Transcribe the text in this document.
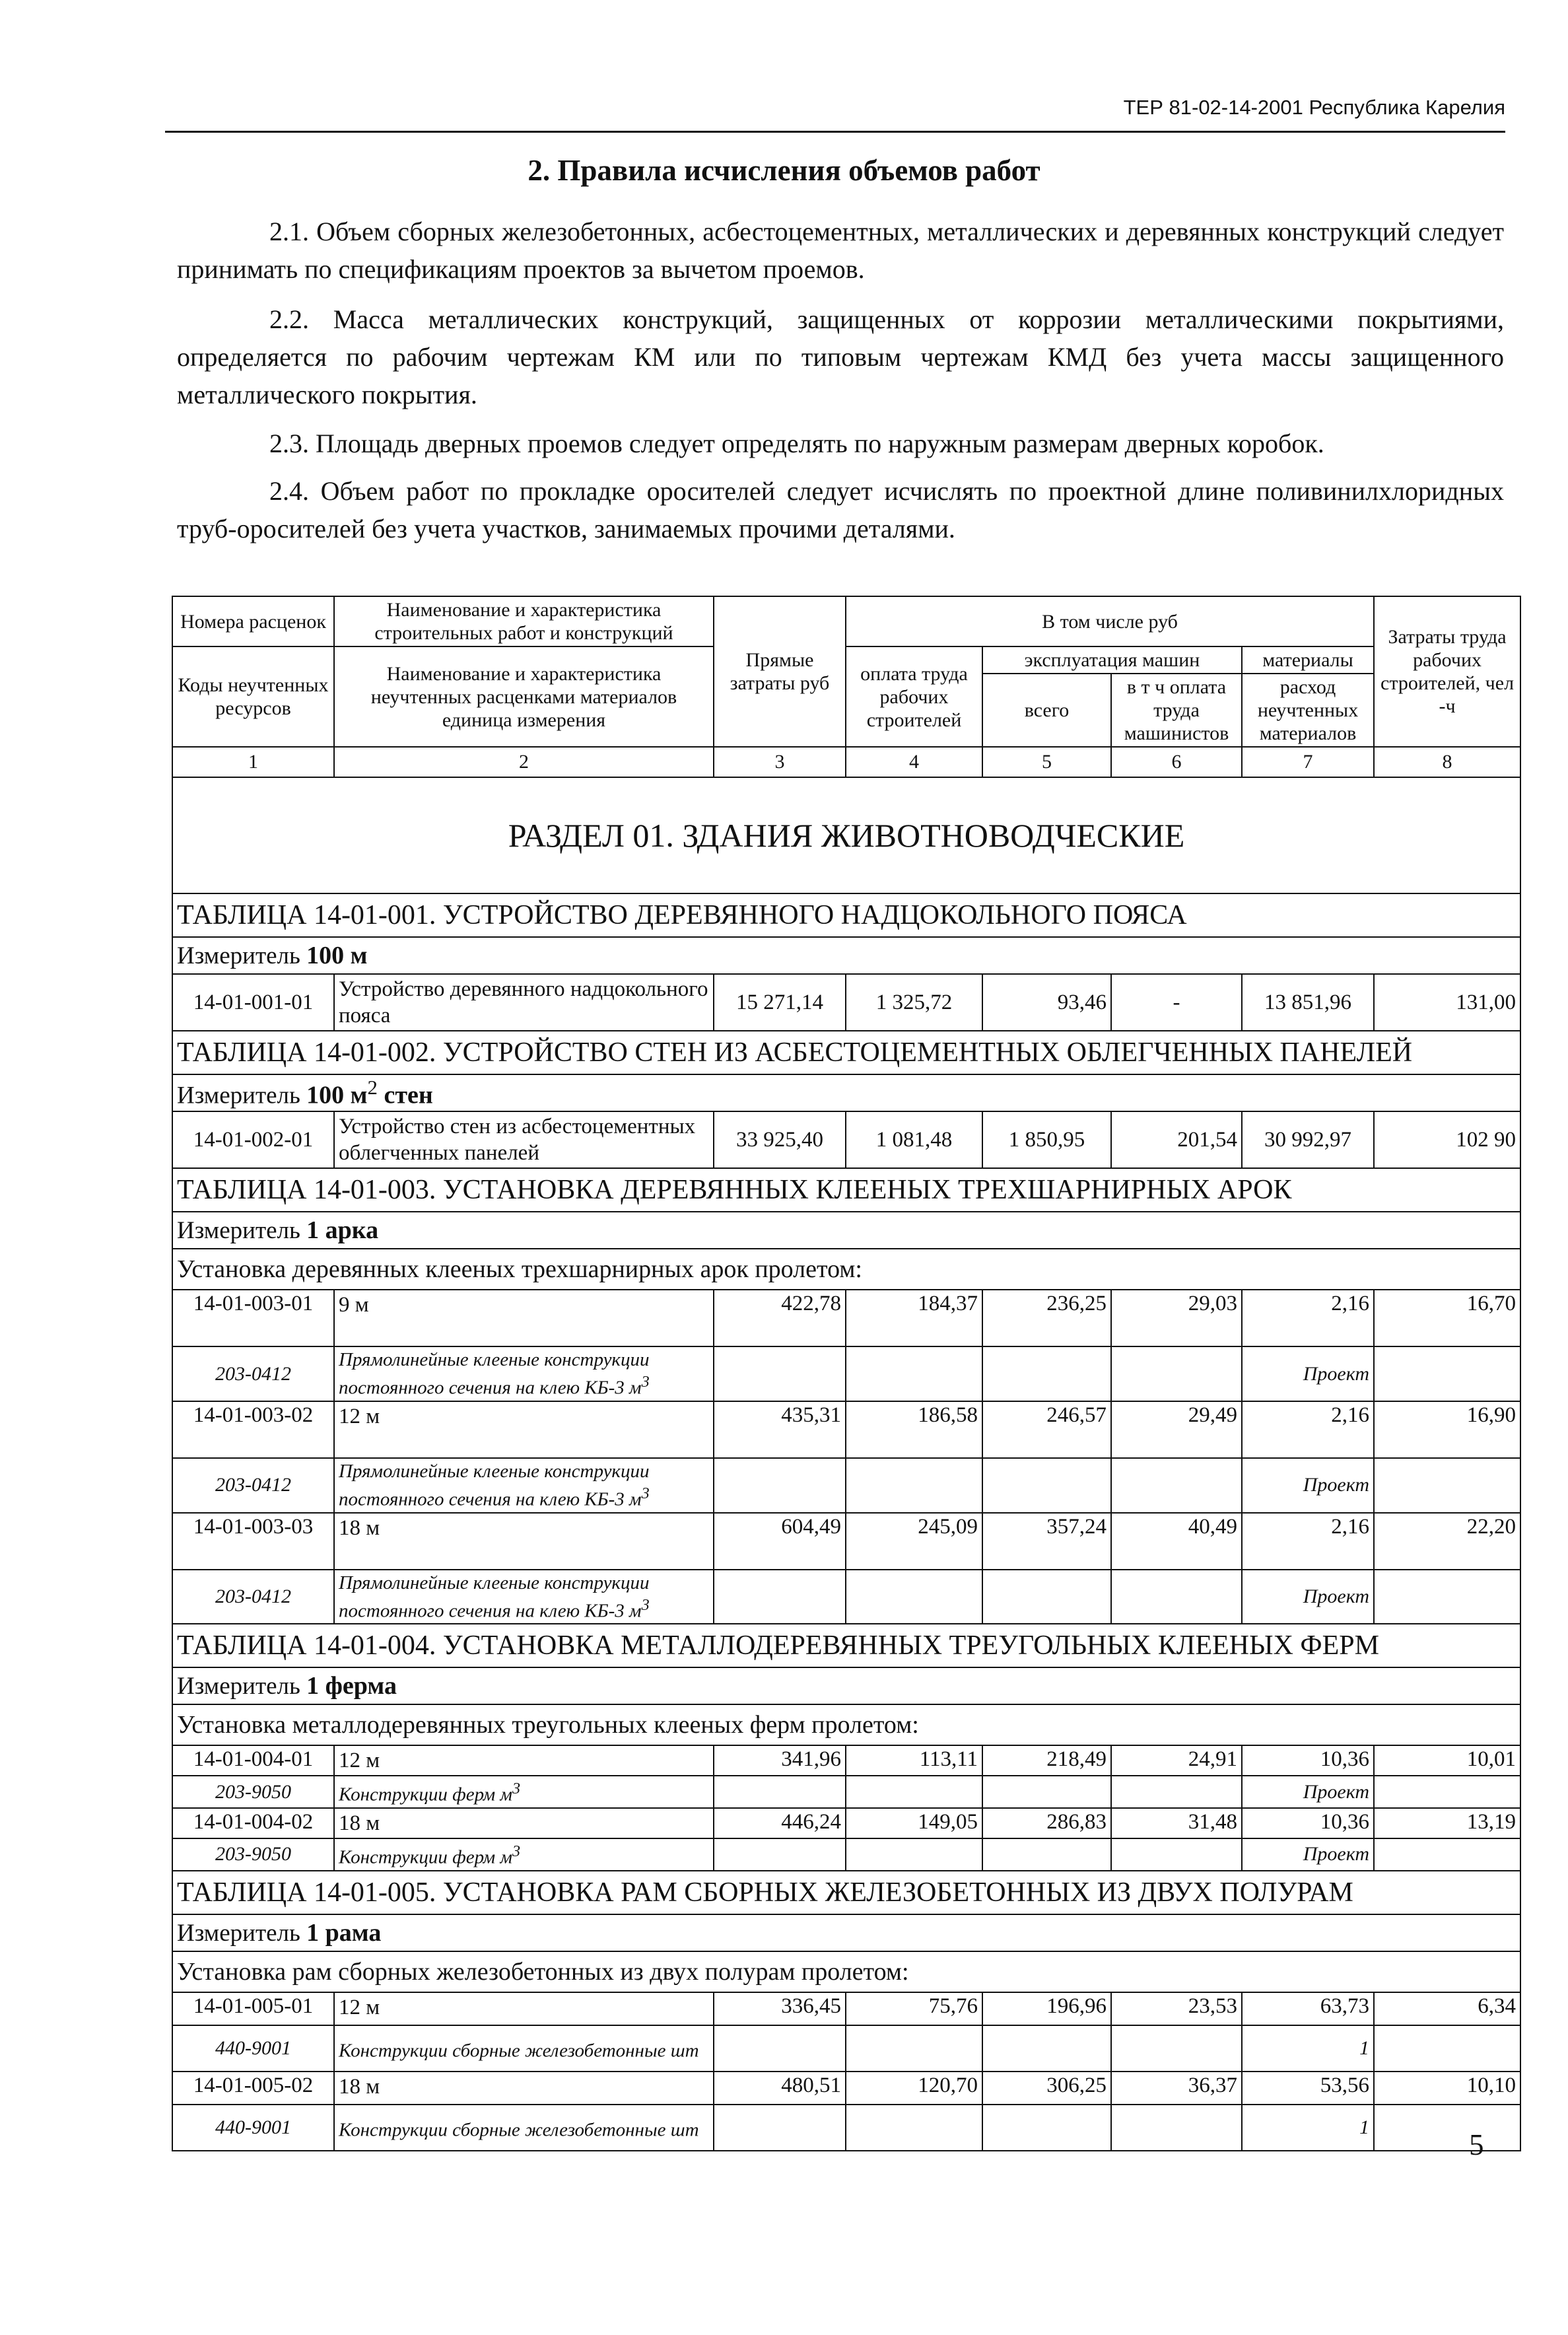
ТЕР 81-02-14-2001 Республика Карелия
2. Правила исчисления объемов работ
2.1. Объем сборных железобетонных, асбестоцементных, металлических и деревянных конструкций следует принимать по спецификациям проектов за вычетом проемов.
2.2. Масса металлических конструкций, защищенных от коррозии металлическими покрытиями, определяется по рабочим чертежам КМ или по типовым чертежам КМД без учета массы защищенного металлического покрытия.
2.3. Площадь дверных проемов следует определять по наружным размерам дверных коробок.
2.4. Объем работ по прокладке оросителей следует исчислять по проектной длине поливинилхлоридных труб-оросителей без учета участков, занимаемых прочими деталями.
Номера расценок	Наименование и характеристика строительных работ и конструкций	Прямые затраты руб	В том числе руб				Затраты труда рабочих строителей, чел -ч
Коды неучтенных ресурсов	Наименование и характеристика неучтенных расценками материалов единица измерения		оплата труда рабочих строителей	эксплуатация машин		материалы	
				всего	в т ч оплата труда машинистов	расход неучтенных материалов	
1	2	3	4	5	6	7	8
РАЗДЕЛ 01. ЗДАНИЯ ЖИВОТНОВОДЧЕСКИЕ							
ТАБЛИЦА 14-01-001. УСТРОЙСТВО ДЕРЕВЯННОГО НАДЦОКОЛЬНОГО ПОЯСА							
Измеритель 100 м							
14-01-001-01	Устройство деревянного надцокольного пояса	15 271,14	1 325,72	93,46	-	13 851,96	131,00
ТАБЛИЦА 14-01-002. УСТРОЙСТВО СТЕН ИЗ АСБЕСТОЦЕМЕНТНЫХ ОБЛЕГЧЕННЫХ ПАНЕЛЕЙ							
Измеритель 100 $м^2$ стен							
14-01-002-01	Устройство стен из асбестоцементных облегченных панелей	33 925,40	1 081,48	1 850,95	201,54	30 992,97	102 90
ТАБЛИЦА 14-01-003. УСТАНОВКА ДЕРЕВЯННЫХ КЛЕЕНЫХ ТРЕХШАРНИРНЫХ АРОК							
Измеритель 1 арка							
Установка деревянных клееных трехшарнирных арок пролетом:							
14-01-003-01	9 м	422,78	184,37	236,25	29,03	2,16	16,70
203-0412	Прямолинейные клееные конструкции постоянного сечения на клею КБ-3 $м^3$					Проект	
14-01-003-02	12 м	435,31	186,58	246,57	29,49	2,16	16,90
203-0412	Прямолинейные клееные конструкции постоянного сечения на клею КБ-3 $м^3$					Проект	
14-01-003-03	18 м	604,49	245,09	357,24	40,49	2,16	22,20
203-0412	Прямолинейные клееные конструкции постоянного сечения на клею КБ-3 $м^3$					Проект	
ТАБЛИЦА 14-01-004. УСТАНОВКА МЕТАЛЛОДЕРЕВЯННЫХ ТРЕУГОЛЬНЫХ КЛЕЕНЫХ ФЕРМ							
Измеритель 1 ферма							
Установка металлодеревянных треугольных клееных ферм пролетом:							
14-01-004-01	12 м	341,96	113,11	218,49	24,91	10,36	10,01
203-9050	Конструкции ферм $м^3$					Проект	
14-01-004-02	18 м	446,24	149,05	286,83	31,48	10,36	13,19
203-9050	Конструкции ферм $м^3$					Проект	
ТАБЛИЦА 14-01-005. УСТАНОВКА РАМ СБОРНЫХ ЖЕЛЕЗОБЕТОННЫХ ИЗ ДВУХ ПОЛУРАМ							
Измеритель 1 рама							
Установка рам сборных железобетонных из двух полурам пролетом:							
14-01-005-01	12 м	336,45	75,76	196,96	23,53	63,73	6,34
440-9001	Конструкции сборные железобетонные шт					1	
14-01-005-02	18 м	480,51	120,70	306,25	36,37	53,56	10,10
440-9001	Конструкции сборные железобетонные шт					1	
5
